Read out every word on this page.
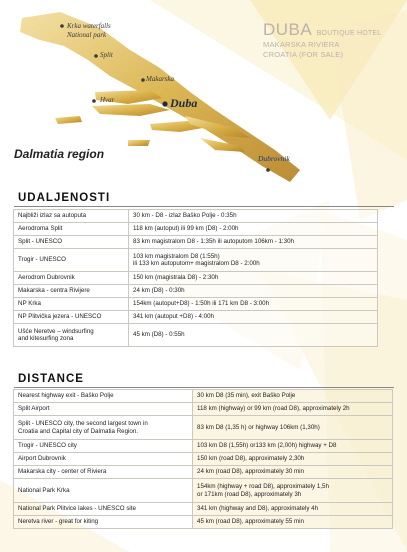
Krka waterfalls
National park
Split
Makarska
Hvar	Duba
Dubrovnik
Dalmatia region
DUBA BOUTIQUE HOTEL
MAKARSKA RIVIERA
CROATIA (FOR SALE)
UDALJENOSTI
Najbliži izlaz sa autoputa	30 km - D8 - izlaz Baško Polje - 0:35h
Aerodroma Split	118 km (autoput) ili 99 km (D8) - 2:00h
Split - UNESCO	83 km magistralom D8 - 1:35h ili autoputom 106km - 1:30h
Trogir - UNESCO	103 km magistralom D8 (1:55h)
ili 133 km autoputom+ magistralom D8 - 2:00h
Aerodrom Dubrovnik	150 km (magistrala D8) - 2:30h
Makarska - centra Rivijere	24 km (D8) - 0:30h
NP Krka	154km (autoput+D8) - 1:50h ili 171 km D8 - 3:00h
NP Plitvička jezera - UNESCO	341 km (autoput +D8) - 4:00h
Ušće Neretve – windsurfing
and kitesurfing zona	45 km (D8) - 0:55h
DISTANCE
Nearest highway exit - Baško Polje	30 km D8 (35 min), exit Baško Polje
Split Airport	118 km (highway) or 99 km (road D8), approximately 2h
Split - UNESCO city, the second largest town in
Croatia and Capital city of Dalmatia Region.	83 km D8 (1,35 h) or highway 106km (1,30h)
Trogir - UNESCO city	103 km D8 (1,55h) or133 km (2,00h) highway + D8
Airport Dubrovnik	150 km (road D8), approximately 2,30h
Makarska city - center of Riviera	24 km (road D8), approximately 30 min
National Park Krka	154km (highway + road D8), approximately 1,5h
or 171km (road D8), approximately 3h
National Park Plitvice lakes - UNESCO site	341 km (highway and D8), approximately 4h
Neretva river - great for kiting	45 km (road D8), approximately 55 min
